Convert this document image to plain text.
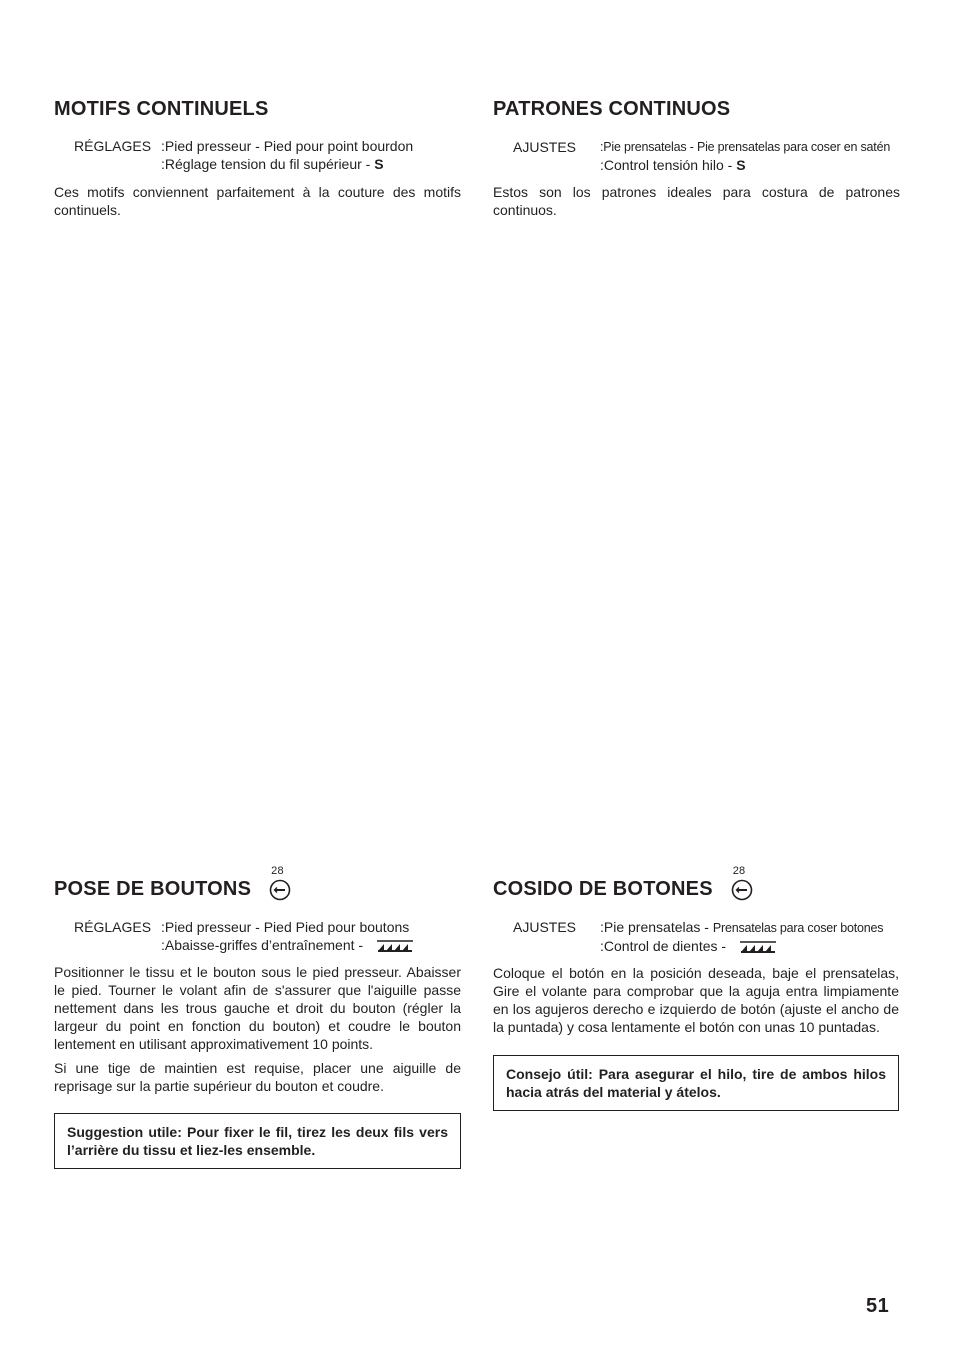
MOTIFS CONTINUELS
RÉGLAGES :Pied presseur - Pied pour point bourdon
:Réglage tension du fil supérieur - S

Ces motifs conviennent parfaitement à la couture des motifs continuels.

PATRONES CONTINUOS
AJUSTES :Pie prensatelas - Pie prensatelas para coser en satén
:Control tensión hilo - S

Estos son los patrones ideales para costura de patrones continuos.

POSE DE BOUTONS
28
RÉGLAGES :Pied presseur - Pied Pied pour boutons
:Abaisse-griffes d’entraînement -

Positionner le tissu et le bouton sous le pied presseur. Abaisser le pied. Tourner le volant afin de s'assurer que l'aiguille passe nettement dans les trous gauche et droit du bouton (régler la largeur du point en fonction du bouton) et coudre le bouton lentement en utilisant approximativement 10 points.

Si une tige de maintien est requise, placer une aiguille de reprisage sur la partie supérieur du bouton et coudre.

Suggestion utile: Pour fixer le fil, tirez les deux fils vers l’arrière du tissu et liez-les ensemble.
COSIDO DE BOTONES
28
AJUSTES :Pie prensatelas - Prensatelas para coser botones
:Control de dientes -

Coloque el botón en la posición deseada, baje el prensatelas, Gire el volante para comprobar que la aguja entra limpiamente en los agujeros derecho e izquierdo de botón (ajuste el ancho de la puntada) y cosa lentamente el botón con unas 10 puntadas.

Consejo útil: Para asegurar el hilo, tire de ambos hilos hacia atrás del material y átelos.
51
